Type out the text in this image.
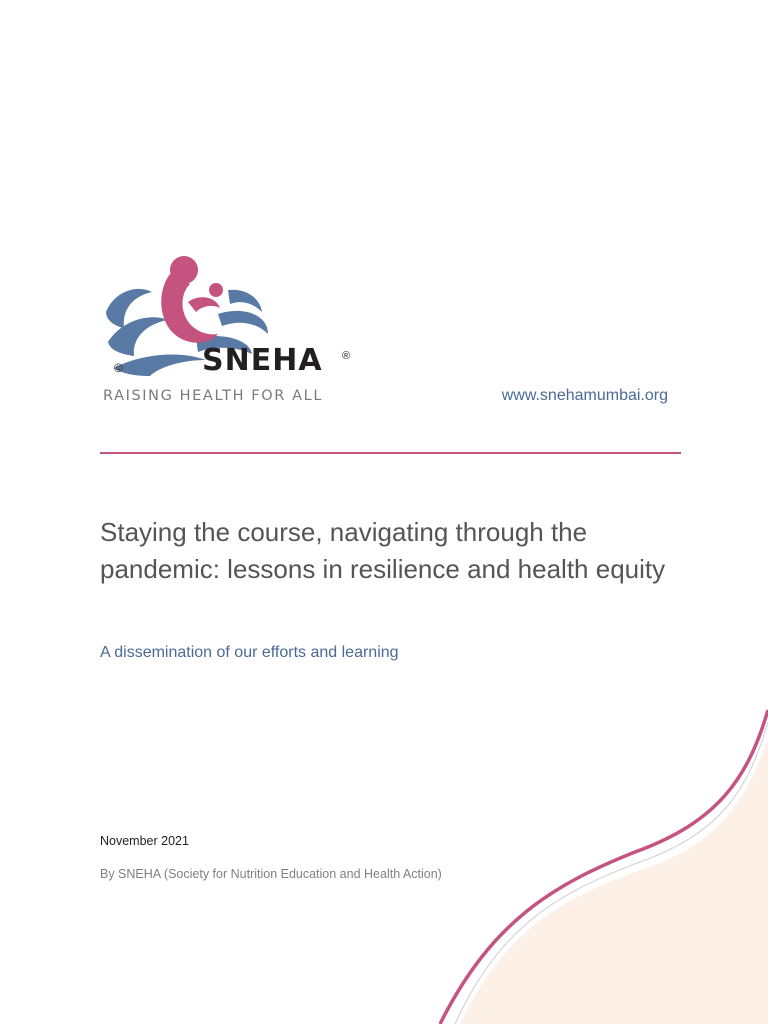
©	SNEHA ®
RAISING HEALTH FOR ALL	www.snehamumbai.org
Staying the course, navigating through the pandemic: lessons in resilience and health equity
A dissemination of our efforts and learning
November 2021
By SNEHA (Society for Nutrition Education and Health Action)
